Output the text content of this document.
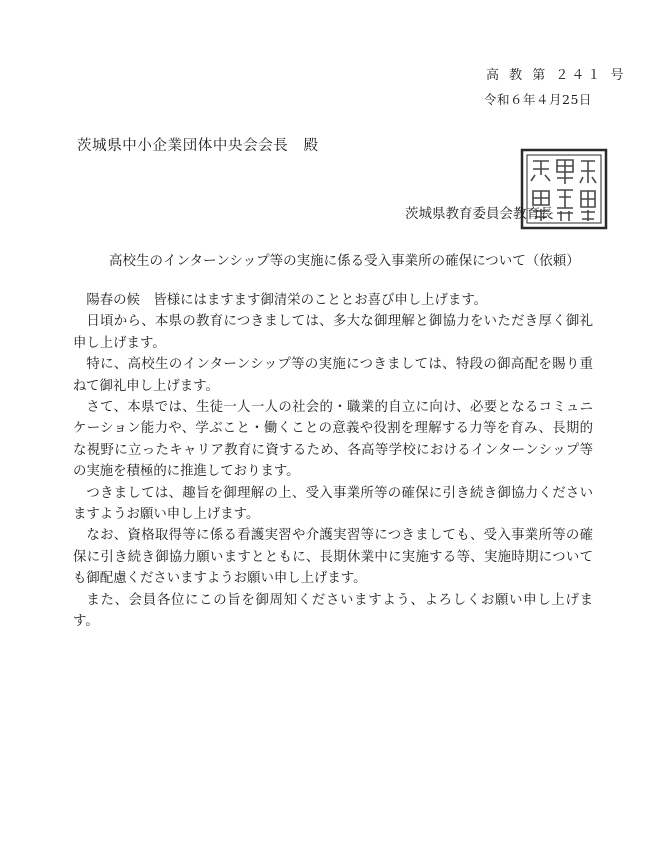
高 教 第 ２４１ 号
令和６年４月25日
茨城県中小企業団体中央会会長　殿
茨城県教育委員会教育長
高校生のインターンシップ等の実施に係る受入事業所の確保について（依頼）

陽春の候　皆様にはますます御清栄のこととお喜び申し上げます。

日頃から、本県の教育につきましては、多大な御理解と御協力をいただき厚く御礼申し上げます。

特に、高校生のインターンシップ等の実施につきましては、特段の御高配を賜り重ねて御礼申し上げます。

さて、本県では、生徒一人一人の社会的・職業的自立に向け、必要となるコミュニケーション能力や、学ぶこと・働くことの意義や役割を理解する力等を育み、長期的な視野に立ったキャリア教育に資するため、各高等学校におけるインターンシップ等の実施を積極的に推進しております。

つきましては、趣旨を御理解の上、受入事業所等の確保に引き続き御協力くださいますようお願い申し上げます。

なお、資格取得等に係る看護実習や介護実習等につきましても、受入事業所等の確保に引き続き御協力願いますとともに、長期休業中に実施する等、実施時期についても御配慮くださいますようお願い申し上げます。

また、会員各位にこの旨を御周知くださいますよう、よろしくお願い申し上げます。
